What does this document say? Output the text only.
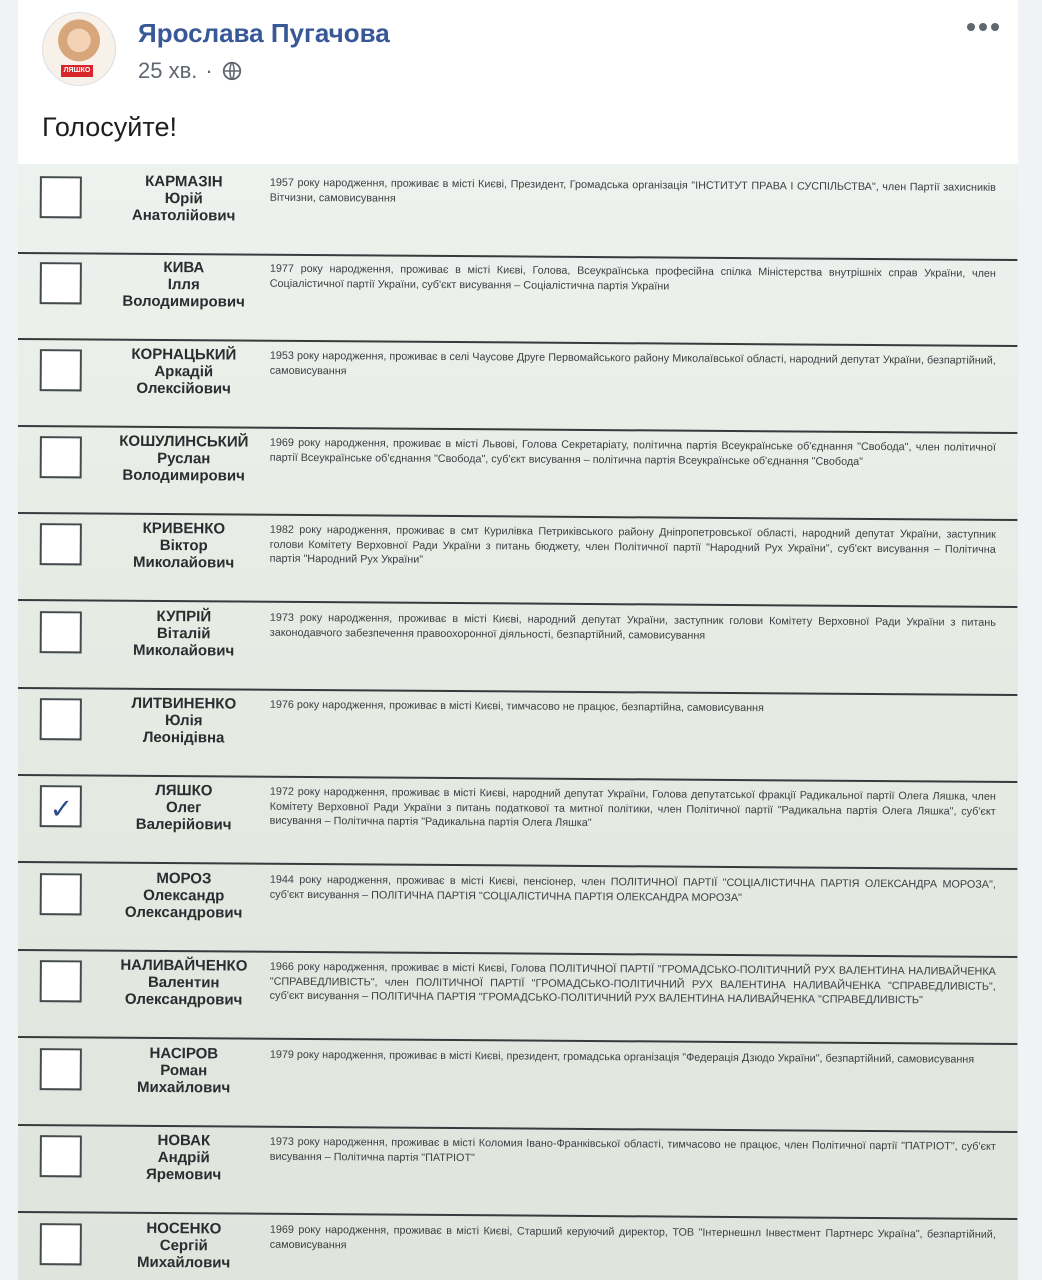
ЛЯШКО
Ярослава Пугачова
25 хв. ·
Голосуйте!
КАРМАЗІН
Юрій
Анатолійович
1957 року народження, проживає в місті Києві, Президент, Громадська організація "ІНСТИТУТ ПРАВА І СУСПІЛЬСТВА", член Партії захисників Вітчизни, самовисування
КИВА
Ілля
Володимирович
1977 року народження, проживає в місті Києві, Голова, Всеукраїнська професійна спілка Міністерства внутрішніх справ України, член Соціалістичної партії України, суб'єкт висування – Соціалістична партія України
КОРНАЦЬКИЙ
Аркадій
Олексійович
1953 року народження, проживає в селі Чаусове Друге Первомайського району Миколаївської області, народний депутат України, безпартійний, самовисування
КОШУЛИНСЬКИЙ
Руслан
Володимирович
1969 року народження, проживає в місті Львові, Голова Секретаріату, політична партія Всеукраїнське об'єднання "Свобода", член політичної партії Всеукраїнське об'єднання "Свобода", суб'єкт висування – політична партія Всеукраїнське об'єднання "Свобода"
КРИВЕНКО
Віктор
Миколайович
1982 року народження, проживає в смт Курилівка Петриківського району Дніпропетровської області, народний депутат України, заступник голови Комітету Верховної Ради України з питань бюджету, член Політичної партії "Народний Рух України", суб'єкт висування – Політична партія "Народний Рух України"
КУПРІЙ
Віталій
Миколайович
1973 року народження, проживає в місті Києві, народний депутат України, заступник голови Комітету Верховної Ради України з питань законодавчого забезпечення правоохоронної діяльності, безпартійний, самовисування
ЛИТВИНЕНКО
Юлія
Леонідівна
1976 року народження, проживає в місті Києві, тимчасово не працює, безпартійна, самовисування
✓
ЛЯШКО
Олег
Валерійович
1972 року народження, проживає в місті Києві, народний депутат України, Голова депутатської фракції Радикальної партії Олега Ляшка, член Комітету Верховної Ради України з питань податкової та митної політики, член Політичної партії "Радикальна партія Олега Ляшка", суб'єкт висування – Політична партія "Радикальна партія Олега Ляшка"
МОРОЗ
Олександр
Олександрович
1944 року народження, проживає в місті Києві, пенсіонер, член ПОЛІТИЧНОЇ ПАРТІЇ "СОЦІАЛІСТИЧНА ПАРТІЯ ОЛЕКСАНДРА МОРОЗА", суб'єкт висування – ПОЛІТИЧНА ПАРТІЯ "СОЦІАЛІСТИЧНА ПАРТІЯ ОЛЕКСАНДРА МОРОЗА"
НАЛИВАЙЧЕНКО
Валентин
Олександрович
1966 року народження, проживає в місті Києві, Голова ПОЛІТИЧНОЇ ПАРТІЇ "ГРОМАДСЬКО-ПОЛІТИЧНИЙ РУХ ВАЛЕНТИНА НАЛИВАЙЧЕНКА "СПРАВЕДЛИВІСТЬ", член ПОЛІТИЧНОЇ ПАРТІЇ "ГРОМАДСЬКО-ПОЛІТИЧНИЙ РУХ ВАЛЕНТИНА НАЛИВАЙЧЕНКА "СПРАВЕДЛИВІСТЬ", суб'єкт висування – ПОЛІТИЧНА ПАРТІЯ "ГРОМАДСЬКО-ПОЛІТИЧНИЙ РУХ ВАЛЕНТИНА НАЛИВАЙЧЕНКА "СПРАВЕДЛИВІСТЬ"
НАСІРОВ
Роман
Михайлович
1979 року народження, проживає в місті Києві, президент, громадська організація "Федерація Дзюдо України", безпартійний, самовисування
НОВАК
Андрій
Яремович
1973 року народження, проживає в місті Коломия Івано-Франківської області, тимчасово не працює, член Політичної партії "ПАТРІОТ", суб'єкт висування – Політична партія "ПАТРІОТ"
НОСЕНКО
Сергій
Михайлович
1969 року народження, проживає в місті Києві, Старший керуючий директор, ТОВ "Інтернешнл Інвестмент Партнерс Україна", безпартійний, самовисування
